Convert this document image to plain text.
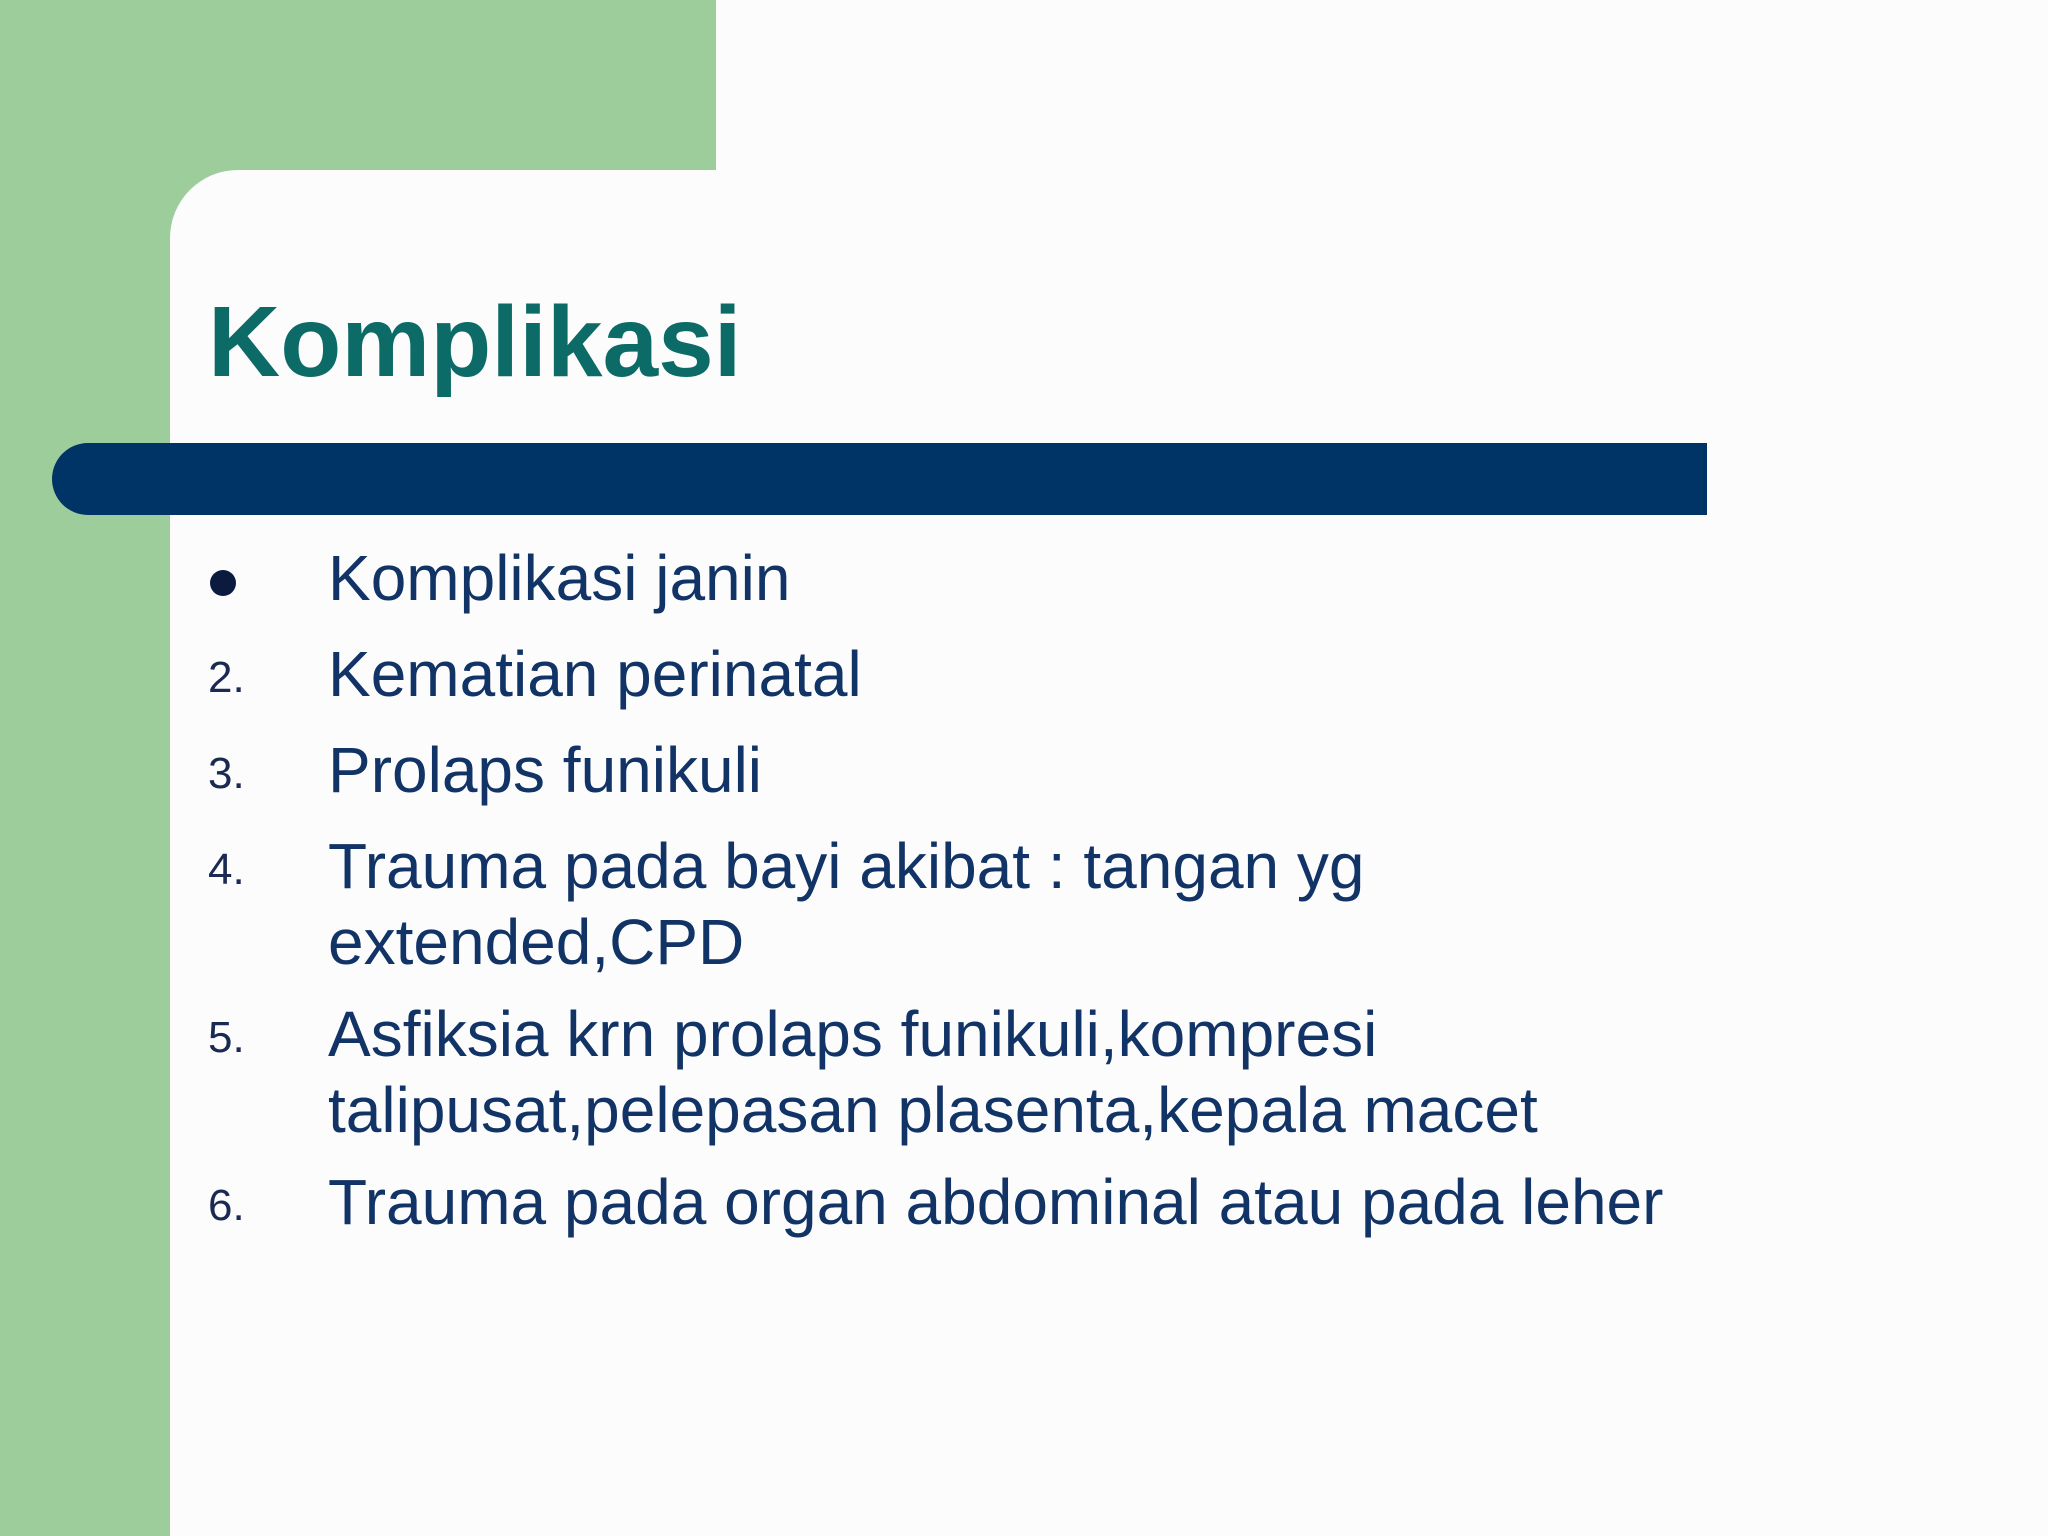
Komplikasi
Komplikasi janin
2.	Kematian perinatal
3.	Prolaps funikuli
4.	Trauma pada bayi akibat : tangan yg
extended,CPD
5.	Asfiksia krn prolaps funikuli,kompresi
talipusat,pelepasan plasenta,kepala macet
6.	Trauma pada organ abdominal atau pada leher
